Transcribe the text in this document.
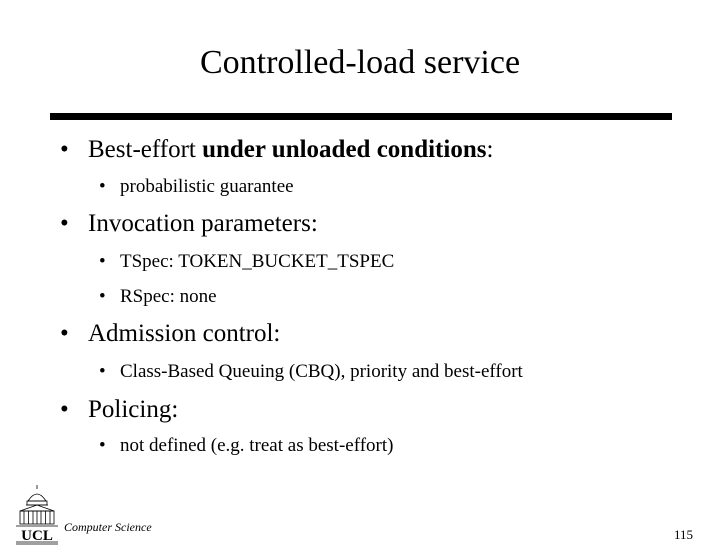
Controlled-load service
• Best-effort under unloaded conditions:
• probabilistic guarantee
• Invocation parameters:
• TSpec: TOKEN_BUCKET_TSPEC
• RSpec: none
• Admission control:
• Class-Based Queuing (CBQ), priority and best-effort
• Policing:
• not defined (e.g. treat as best-effort)
UCL
Computer Science	115
